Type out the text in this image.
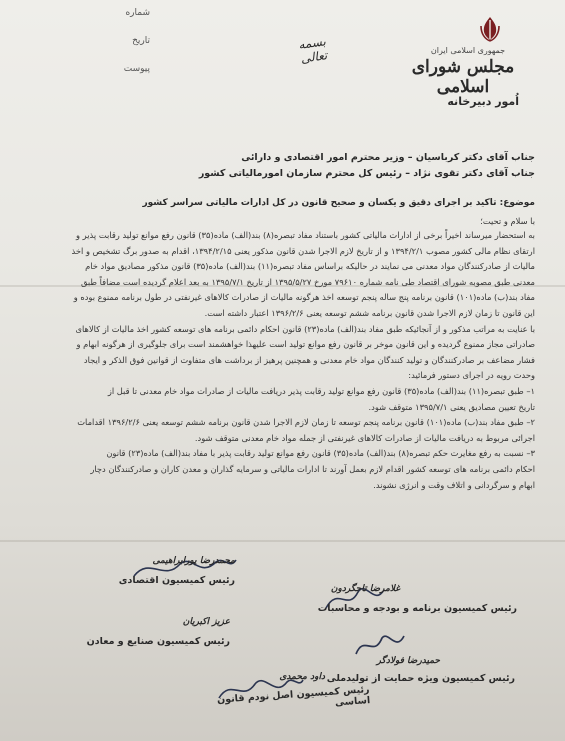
جمهوری اسلامی ایران
مجلس شورای اسلامی
اُمور دبیرخانه
شماره
تاریخ
پیوست
بسمه تعالی
جناب آقای دکتر کرباسیان – وزیر محترم امور اقتصادی و دارائی
جناب آقای دکتر تقوی نژاد – رئیس کل محترم سازمان امورمالیاتی کشور
موضوع: تاکید بر اجرای دقیق و یکسان و صحیح قانون در کل ادارات مالیاتی سراسر کشور
با سلام و تحیت؛
به استحضار میرساند اخیراً برخی از ادارات مالیاتی کشور باستناد مفاد تبصره(۸) بند(الف) ماده(۳۵) قانون رفع موانع تولید رقابت پذیر و
ارتقای نظام مالی کشور مصوب ۱۳۹۴/۲/۱ و از تاریخ لازم الاجرا شدن قانون مذکور یعنی ۱۳۹۴/۲/۱۵، اقدام به صدور برگ تشخیص و اخذ
مالیات از صادرکنندگان مواد معدنی می نمایند در حالیکه براساس مفاد تبصره(۱۱) بند(الف) ماده(۳۵) قانون مذکور مصادیق مواد خام
معدنی طبق مصوبه شورای اقتصاد طی نامه شماره ۷۹۶۱۰ مورخ ۱۳۹۵/۵/۲۷ از تاریخ ۱۳۹۵/۷/۱ به بعد اعلام گردیده است مضافاً طبق
مفاد بند(ب) ماده(۱۰۱) قانون برنامه پنج ساله پنجم توسعه اخذ هرگونه مالیات از صادرات کالاهای غیرنفتی در طول برنامه ممنوع بوده و
این قانون تا زمان لازم الاجرا شدن قانون برنامه ششم توسعه یعنی ۱۳۹۶/۲/۶ اعتبار داشته است.
با عنایت به مراتب مذکور و از آنجائیکه طبق مفاد بند(الف) ماده(۲۳) قانون احکام دائمی برنامه های توسعه کشور اخذ مالیات از کالاهای
صادراتی مجاز ممنوع گردیده و این قانون موخر بر قانون رفع موانع تولید است علیهذا خواهشمند است برای جلوگیری از هرگونه ابهام و
فشار مضاعف بر صادرکنندگان و تولید کنندگان مواد خام معدنی و همچنین پرهیز از برداشت های متفاوت از قوانین فوق الذکر و ایجاد
وحدت رویه در اجرای دستور فرمائید:
۱– طبق تبصره(۱۱) بند(الف) ماده(۳۵) قانون رفع موانع تولید رقابت پذیر دریافت مالیات از صادرات مواد خام معدنی تا قبل از
تاریخ تعیین مصادیق یعنی ۱۳۹۵/۷/۱ متوقف شود.
۲– طبق مفاد بند(ب) ماده(۱۰۱) قانون برنامه پنجم توسعه تا زمان لازم الاجرا شدن قانون برنامه ششم توسعه یعنی ۱۳۹۶/۲/۶ اقدامات
اجرائی مربوط به دریافت مالیات از صادرات کالاهای غیرنفتی از جمله مواد خام معدنی متوقف شود.
۳– نسبت به رفع مغایرت حکم تبصره(۸) بند(الف) ماده(۳۵) قانون رفع موانع تولید رقابت پذیر با مفاد بند(الف) ماده(۲۳) قانون
احکام دائمی برنامه های توسعه کشور اقدام لازم بعمل آورند تا ادارات مالیاتی و سرمایه گذاران و معدن کاران و صادرکنندگان دچار
ابهام و سرگردانی و اتلاف وقت و انرژی نشوند.
محمدرضا پورابراهیمی
رئیس کمیسیون اقتصادی
غلامرضا تاجگردون
رئیس کمیسیون برنامه و بودجه و محاسبات
عزیز اکبریان
رئیس کمیسیون صنایع و معادن
حمیدرضا فولادگر
رئیس کمیسیون ویژه حمایت از تولیدملی
داود محمدی
رئیس کمیسیون اصل نودم قانون اساسی
